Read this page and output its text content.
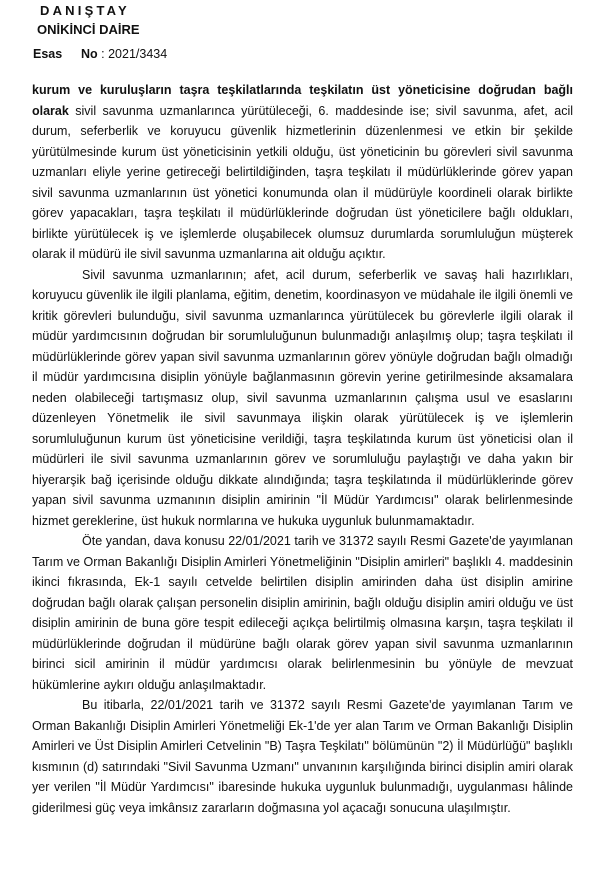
DANIŞTAY
ONİKİNCİ DAİRE
Esas No : 2021/3434

kurum ve kuruluşların taşra teşkilatlarında teşkilatın üst yöneticisine doğrudan bağlı olarak sivil savunma uzmanlarınca yürütüleceği, 6. maddesinde ise; sivil savunma, afet, acil durum, seferberlik ve koruyucu güvenlik hizmetlerinin düzenlenmesi ve etkin bir şekilde yürütülmesinde kurum üst yöneticisinin yetkili olduğu, üst yöneticinin bu görevleri sivil savunma uzmanları eliyle yerine getireceği belirtildiğinden, taşra teşkilatı il müdürlüklerinde görev yapan sivil savunma uzmanlarının üst yönetici konumunda olan il müdürüyle koordineli olarak birlikte görev yapacakları, taşra teşkilatı il müdürlüklerinde doğrudan üst yöneticilere bağlı oldukları, birlikte yürütülecek iş ve işlemlerde oluşabilecek olumsuz durumlarda sorumluluğun müşterek olarak il müdürü ile sivil savunma uzmanlarına ait olduğu açıktır.

Sivil savunma uzmanlarının; afet, acil durum, seferberlik ve savaş hali hazırlıkları, koruyucu güvenlik ile ilgili planlama, eğitim, denetim, koordinasyon ve müdahale ile ilgili önemli ve kritik görevleri bulunduğu, sivil savunma uzmanlarınca yürütülecek bu görevlerle ilgili olarak il müdür yardımcısının doğrudan bir sorumluluğunun bulunmadığı anlaşılmış olup; taşra teşkilatı il müdürlüklerinde görev yapan sivil savunma uzmanlarının görev yönüyle doğrudan bağlı olmadığı il müdür yardımcısına disiplin yönüyle bağlanmasının görevin yerine getirilmesinde aksamalara neden olabileceği tartışmasız olup, sivil savunma uzmanlarının çalışma usul ve esaslarını düzenleyen Yönetmelik ile sivil savunmaya ilişkin olarak yürütülecek iş ve işlemlerin sorumluluğunun kurum üst yöneticisine verildiği, taşra teşkilatında kurum üst yöneticisi olan il müdürleri ile sivil savunma uzmanlarının görev ve sorumluluğu paylaştığı ve daha yakın bir hiyerarşik bağ içerisinde olduğu dikkate alındığında; taşra teşkilatında il müdürlüklerinde görev yapan sivil savunma uzmanının disiplin amirinin "İl Müdür Yardımcısı" olarak belirlenmesinde hizmet gereklerine, üst hukuk normlarına ve hukuka uygunluk bulunmamaktadır.

Öte yandan, dava konusu 22/01/2021 tarih ve 31372 sayılı Resmi Gazete'de yayımlanan Tarım ve Orman Bakanlığı Disiplin Amirleri Yönetmeliğinin "Disiplin amirleri" başlıklı 4. maddesinin ikinci fıkrasında, Ek-1 sayılı cetvelde belirtilen disiplin amirinden daha üst disiplin amirine doğrudan bağlı olarak çalışan personelin disiplin amirinin, bağlı olduğu disiplin amiri olduğu ve üst disiplin amirinin de buna göre tespit edileceği açıkça belirtilmiş olmasına karşın, taşra teşkilatı il müdürlüklerinde doğrudan il müdürüne bağlı olarak görev yapan sivil savunma uzmanlarının birinci sicil amirinin il müdür yardımcısı olarak belirlenmesinin bu yönüyle de mevzuat hükümlerine aykırı olduğu anlaşılmaktadır.

Bu itibarla, 22/01/2021 tarih ve 31372 sayılı Resmi Gazete'de yayımlanan Tarım ve Orman Bakanlığı Disiplin Amirleri Yönetmeliği Ek-1'de yer alan Tarım ve Orman Bakanlığı Disiplin Amirleri ve Üst Disiplin Amirleri Cetvelinin "B) Taşra Teşkilatı" bölümünün "2) İl Müdürlüğü" başlıklı kısmının (d) satırındaki "Sivil Savunma Uzmanı" unvanının karşılığında birinci disiplin amiri olarak yer verilen "İl Müdür Yardımcısı" ibaresinde hukuka uygunluk bulunmadığı, uygulanması hâlinde giderilmesi güç veya imkânsız zararların doğmasına yol açacağı sonucuna ulaşılmıştır.
